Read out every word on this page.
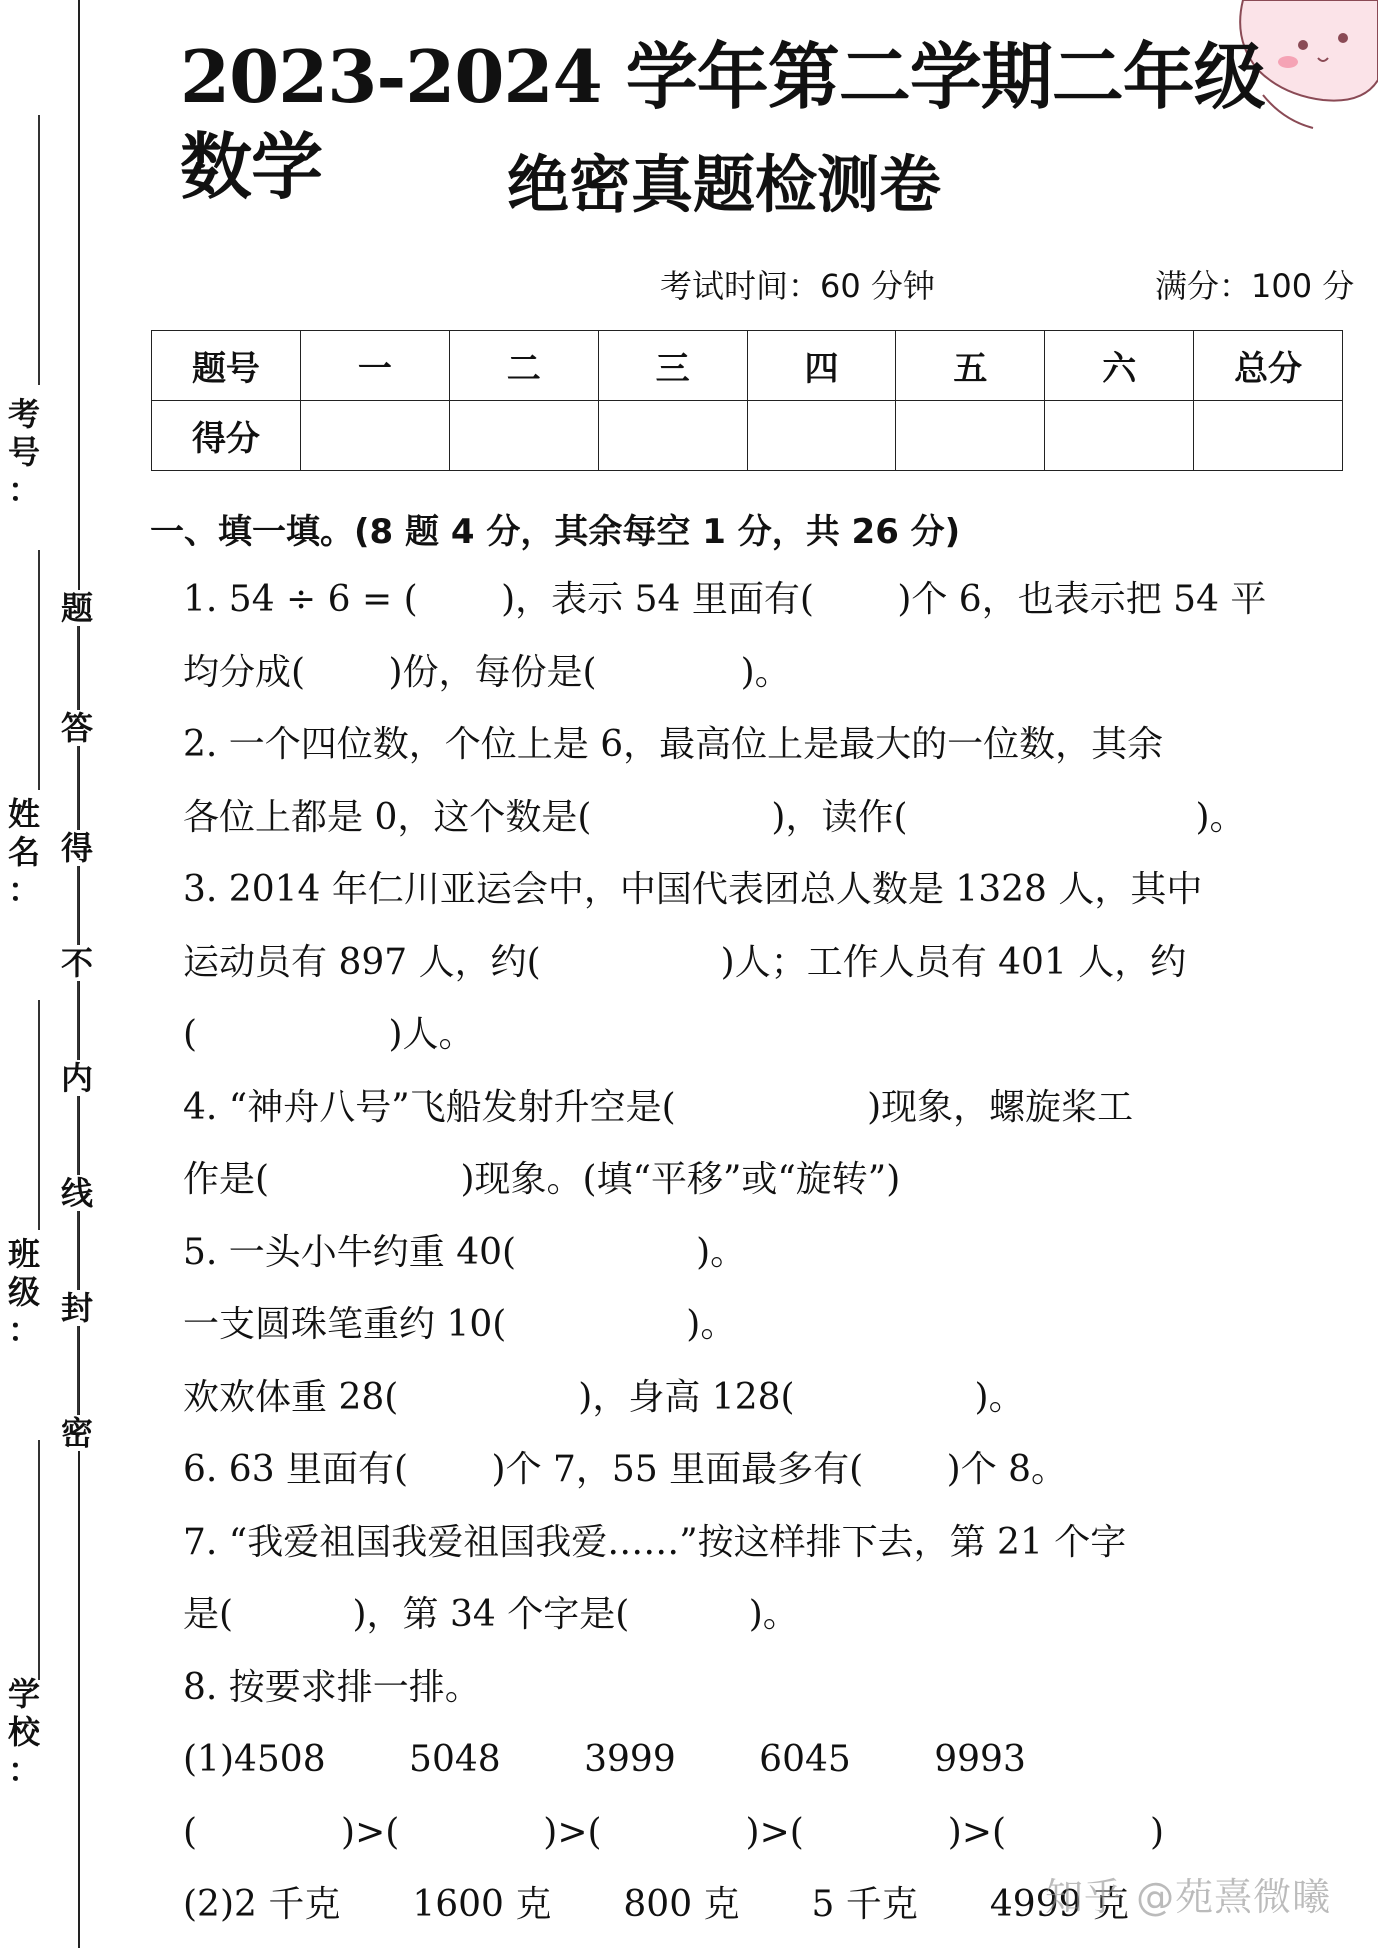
考
号
：
姓
名
：
班
级
：
学
校
：
密
封
线
内
不
得
答
题
2023-2024 学年第二学期二年级数学	绝密真题检测卷
考试时间：60 分钟	满分：100 分
题号	一	二	三	四	五	六	总分
得分							
一、填一填。(8 题 4 分，其余每空 1 分，共 26 分)
1. 54 ÷ 6 = (　　 )，表示 54 里面有(　　 )个 6，也表示把 54 平
均分成(　　 )份，每份是(　　　　)。
2. 一个四位数，个位上是 6，最高位上是最大的一位数，其余
各位上都是 0，这个数是(　　　　　)，读作(　　　　　　　　)。
3. 2014 年仁川亚运会中，中国代表团总人数是 1328 人，其中
运动员有 897 人，约(　　　　　)人；工作人员有 401 人，约
(　　　　　 )人。
4. “神舟八号”飞船发射升空是(　　　　　 )现象，螺旋桨工
作是(　　　　　 )现象。(填“平移”或“旋转”)
5. 一头小牛约重 40(　　　　　)。
一支圆珠笔重约 10(　　　　　)。
欢欢体重 28(　　　　　)，身高 128(　　　　　)。
6. 63 里面有(　　 )个 7，55 里面最多有(　　 )个 8。
7. “我爱祖国我爱祖国我爱……”按这样排下去，第 21 个字
是(　　　 )，第 34 个字是(　　　 )。
8. 按要求排一排。
(1)4508　　 5048　　 3999　　 6045　　 9993
(　　　　)>(　　　　)>(　　　　)>(　　　　)>(　　　　)
(2)2 千克　　1600 克　　800 克　　5 千克　　4999 克
知乎 @苑熹微曦
